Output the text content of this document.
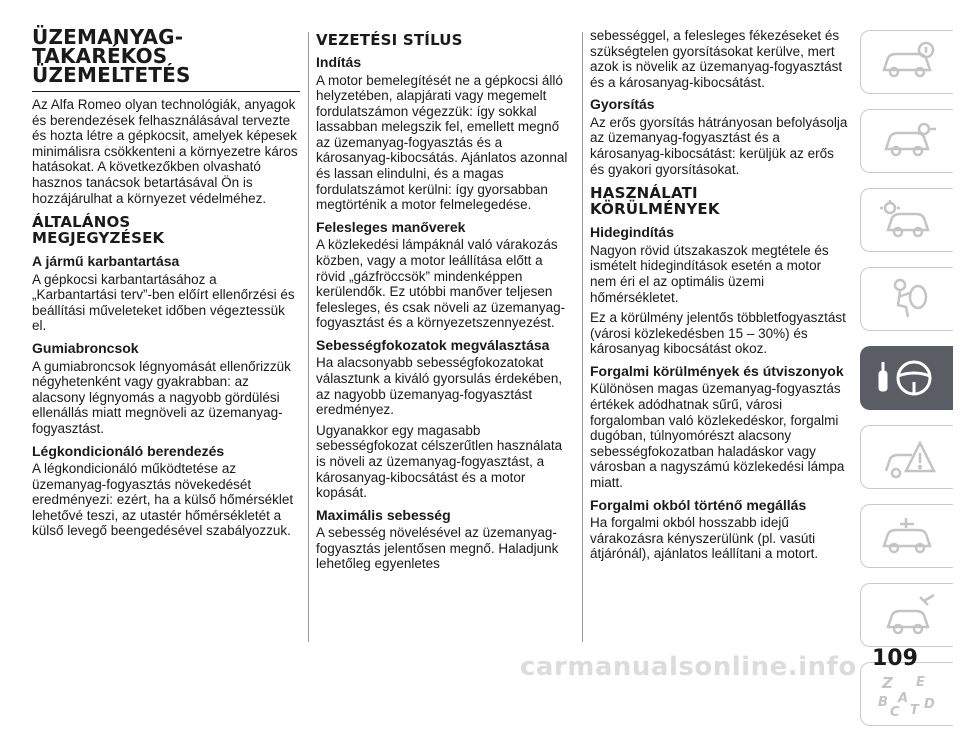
ÜZEMANYAG-
TAKARÉKOS
ÜZEMELTETÉS

Az Alfa Romeo olyan technológiák, anyagok és berendezések felhasználásával tervezte és hozta létre a gépkocsit, amelyek képesek minimálisra csökkenteni a környezetre káros hatásokat. A következőkben olvasható hasznos tanácsok betartásával Ön is hozzájárulhat a környezet védelméhez.

ÁLTALÁNOS
MEGJEGYZÉSEK
A jármű karbantartása

A gépkocsi karbantartásához a „Karbantartási terv”-ben előírt ellenőrzési és beállítási műveleteket időben végeztessük el.

Gumiabroncsok

A gumiabroncsok légnyomását ellenőrizzük négyhetenként vagy gyakrabban: az alacsony légnyomás a nagyobb gördülési ellenállás miatt megnöveli az üzemanyag-fogyasztást.

Légkondicionáló berendezés

A légkondicionáló működtetése az üzemanyag-fogyasztás növekedését eredményezi: ezért, ha a külső hőmérséklet lehetővé teszi, az utastér hőmérsékletét a külső levegő beengedésével szabályozzuk.

VEZETÉSI STÍLUS
Indítás

A motor bemelegítését ne a gépkocsi álló helyzetében, alapjárati vagy megemelt fordulatszámon végezzük: így sokkal lassabban melegszik fel, emellett megnő az üzemanyag-fogyasztás és a károsanyag-kibocsátás. Ajánlatos azonnal és lassan elindulni, és a magas fordulatszámot kerülni: így gyorsabban megtörténik a motor felmelegedése.

Felesleges manőverek

A közlekedési lámpáknál való várakozás közben, vagy a motor leállítása előtt a rövid „gázfröccsök” mindenképpen kerülendők. Ez utóbbi manőver teljesen felesleges, és csak növeli az üzemanyag-fogyasztást és a környezetszennyezést.

Sebességfokozatok megválasztása

Ha alacsonyabb sebességfokozatokat választunk a kiváló gyorsulás érdekében, az nagyobb üzemanyag-fogyasztást eredményez.

Ugyanakkor egy magasabb sebességfokozat célszerűtlen használata is növeli az üzemanyag-fogyasztást, a károsanyag-kibocsátást és a motor kopását.

Maximális sebesség

A sebesség növelésével az üzemanyag-fogyasztás jelentősen megnő. Haladjunk lehetőleg egyenletes

sebességgel, a felesleges fékezéseket és szükségtelen gyorsításokat kerülve, mert azok is növelik az üzemanyag-fogyasztást és a károsanyag-kibocsátást.

Gyorsítás

Az erős gyorsítás hátrányosan befolyásolja az üzemanyag-fogyasztást és a károsanyag-kibocsátást: kerüljük az erős és gyakori gyorsításokat.

HASZNÁLATI
KÖRÜLMÉNYEK
Hidegindítás

Nagyon rövid útszakaszok megtétele és ismételt hidegindítások esetén a motor nem éri el az optimális üzemi hőmérsékletet.

Ez a körülmény jelentős többletfogyasztást (városi közlekedésben 15 – 30%) és károsanyag kibocsátást okoz.

Forgalmi körülmények és útviszonyok

Különösen magas üzemanyag-fogyasztás értékek adódhatnak sűrű, városi forgalomban való közlekedéskor, forgalmi dugóban, túlnyomórészt alacsony sebességfokozatban haladáskor vagy városban a nagyszámú közlekedési lámpa miatt.

Forgalmi okból történő megállás

Ha forgalmi okból hosszabb idejű várakozásra kényszerülünk (pl. vasúti átjárónál), ajánlatos leállítani a motort.

Z E
B A
C T D
carmanualsonline.info 109
